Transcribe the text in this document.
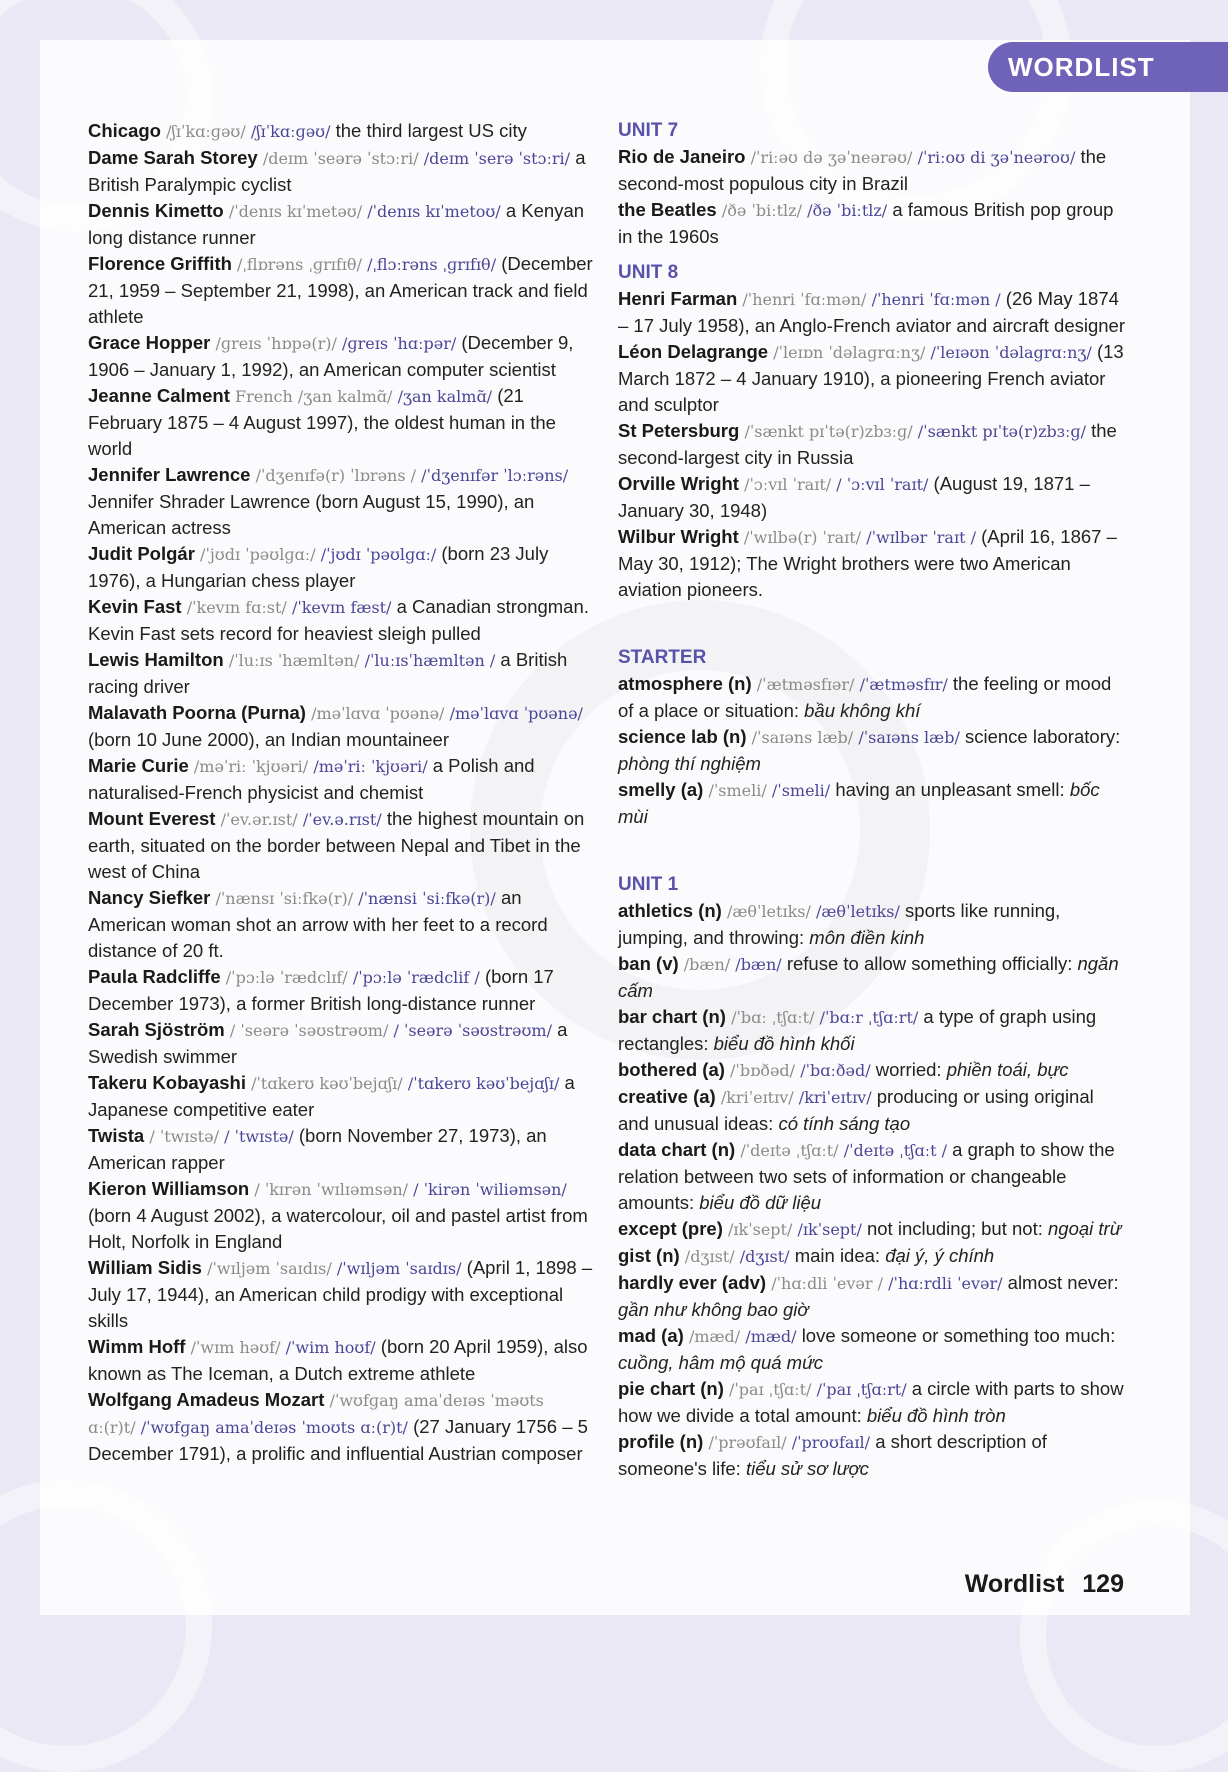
WORDLIST

Chicago /ʃɪˈkɑːɡəʊ/ /ʃɪˈkɑːɡəʊ/ the third largest US city

Dame Sarah Storey /deɪm ˈseərə ˈstɔːri/ /deɪm ˈserə ˈstɔːri/ a British Paralympic cyclist

Dennis Kimetto /ˈdenɪs kɪˈmetəʊ/ /ˈdenɪs kɪˈmetoʊ/ a Kenyan long distance runner

Florence Griffith /ˌflɒrəns ˌɡrɪfɪθ/ /ˌflɔːrəns ˌɡrɪfɪθ/ (December 21, 1959 – September 21, 1998), an American track and field athlete

Grace Hopper /ɡreɪs ˈhɒpə(r)/ /ɡreɪs ˈhɑːpər/ (December 9, 1906 – January 1, 1992), an American computer scientist

Jeanne Calment French /ʒan kalmɑ̃/ /ʒan kalmɑ̃/ (21 February 1875 – 4 August 1997), the oldest human in the world

Jennifer Lawrence /ˈdʒenɪfə(r) ˈlɒrəns / /ˈdʒenɪfər ˈlɔːrəns/ Jennifer Shrader Lawrence (born August 15, 1990), an American actress

Judit Polgár /ˈjʊdɪ ˈpəʊlɡɑː/ /ˈjʊdɪ ˈpəʊlɡɑː/ (born 23 July 1976), a Hungarian chess player

Kevin Fast /ˈkevɪn fɑːst/ /ˈkevɪn fæst/ a Canadian strongman. Kevin Fast sets record for heaviest sleigh pulled

Lewis Hamilton /ˈluːɪs ˈhæmltən/ /ˈluːɪsˈhæmltən / a British racing driver

Malavath Poorna (Purna) /məˈlɑvɑ ˈpʊənə/ /məˈlɑvɑ ˈpʊənə/ (born 10 June 2000), an Indian mountaineer

Marie Curie /məˈriː ˈkjʊəri/ /məˈriː ˈkjʊəri/ a Polish and naturalised-French physicist and chemist

Mount Everest /ˈev.ər.ɪst/ /ˈev.ə.rɪst/ the highest mountain on earth, situated on the border between Nepal and Tibet in the west of China

Nancy Siefker /ˈnænsɪ ˈsiːfkə(r)/ /ˈnænsi ˈsiːfkə(r)/ an American woman shot an arrow with her feet to a record distance of 20 ft.

Paula Radcliffe /ˈpɔːlə ˈrædclɪf/ /ˈpɔːlə ˈrædclif / (born 17 December 1973), a former British long-distance runner

Sarah Sjöström / ˈseərə ˈsəʊstrəʊm/ / ˈseərə ˈsəʊstrəʊm/ a Swedish swimmer

Takeru Kobayashi /ˈtɑkerʊ kəʊˈbejɑʃɪ/ /ˈtɑkerʊ kəʊˈbejɑʃɪ/ a Japanese competitive eater

Twista / ˈtwɪstə/ / ˈtwɪstə/ (born November 27, 1973), an American rapper

Kieron Williamson / ˈkɪrən ˈwɪlɪəmsən/ / ˈkirən ˈwiliəmsən/ (born 4 August 2002), a watercolour, oil and pastel artist from Holt, Norfolk in England

William Sidis /ˈwɪljəm ˈsaɪdɪs/ /ˈwɪljəm ˈsaɪdɪs/ (April 1, 1898 – July 17, 1944), an American child prodigy with exceptional skills

Wimm Hoff /ˈwɪm həʊf/ /ˈwim hoʊf/ (born 20 April 1959), also known as The Iceman, a Dutch extreme athlete

Wolfgang Amadeus Mozart /ˈwʊfɡaŋ amaˈdeɪəs ˈməʊts ɑː(r)t/ /ˈwʊfɡaŋ amaˈdeɪəs ˈmoʊts ɑː(r)t/ (27 January 1756 – 5 December 1791), a prolific and influential Austrian composer

UNIT 7

Rio de Janeiro /ˈriːəʊ də ʒəˈneərəʊ/ /ˈriːoʊ di ʒəˈneəroʊ/ the second-most populous city in Brazil

the Beatles /ðə ˈbiːtlz/ /ðə ˈbiːtlz/ a famous British pop group in the 1960s

UNIT 8

Henri Farman /ˈhenri ˈfɑːmən/ /ˈhenri ˈfɑːmən / (26 May 1874 – 17 July 1958), an Anglo-French aviator and aircraft designer

Léon Delagrange /ˈleɪɒn ˈdəlagrɑːnʒ/ /ˈleɪəʊn ˈdəlagrɑːnʒ/ (13 March 1872 – 4 January 1910), a pioneering French aviator and sculptor

St Petersburg /ˈsænkt pɪˈtə(r)zbɜːɡ/ /ˈsænkt pɪˈtə(r)zbɜːɡ/ the second-largest city in Russia

Orville Wright /ˈɔːvɪl ˈraɪt/ / ˈɔːvɪl ˈraɪt/ (August 19, 1871 – January 30, 1948)

Wilbur Wright /ˈwɪlbə(r) ˈraɪt/ /ˈwɪlbər ˈraɪt / (April 16, 1867 – May 30, 1912); The Wright brothers were two American aviation pioneers.

STARTER

atmosphere (n) /ˈætməsfɪər/ /ˈætməsfɪr/ the feeling or mood of a place or situation: bầu không khí

science lab (n) /ˈsaɪəns læb/ /ˈsaɪəns læb/ science laboratory: phòng thí nghiệm

smelly (a) /ˈsmeli/ /ˈsmeli/ having an unpleasant smell: bốc mùi

UNIT 1

athletics (n) /æθˈletɪks/ /æθˈletɪks/ sports like running, jumping, and throwing: môn điền kinh

ban (v) /bæn/ /bæn/ refuse to allow something officially: ngăn cấm

bar chart (n) /ˈbɑː ˌtʃɑːt/ /ˈbɑːr ˌtʃɑːrt/ a type of graph using rectangles: biểu đồ hình khối

bothered (a) /ˈbɒðəd/ /ˈbɑːðəd/ worried: phiền toái, bực

creative (a) /kriˈeɪtɪv/ /kriˈeɪtɪv/ producing or using original and unusual ideas: có tính sáng tạo

data chart (n) /ˈdeɪtə ˌtʃɑːt/ /ˈdeɪtə ˌtʃɑːt / a graph to show the relation between two sets of information or changeable amounts: biểu đồ dữ liệu

except (pre) /ɪkˈsept/ /ɪkˈsept/ not including; but not: ngoại trừ

gist (n) /dʒɪst/ /dʒɪst/ main idea: đại ý, ý chính

hardly ever (adv) /ˈhɑːdli ˈevər / /ˈhɑːrdli ˈevər/ almost never: gần như không bao giờ

mad (a) /mæd/ /mæd/ love someone or something too much: cuồng, hâm mộ quá mức

pie chart (n) /ˈpaɪ ˌtʃɑːt/ /ˈpaɪ ˌtʃɑːrt/ a circle with parts to show how we divide a total amount: biểu đồ hình tròn

profile (n) /ˈprəʊfaɪl/ /ˈproʊfaɪl/ a short description of someone's life: tiểu sử sơ lược

Wordlist 129
